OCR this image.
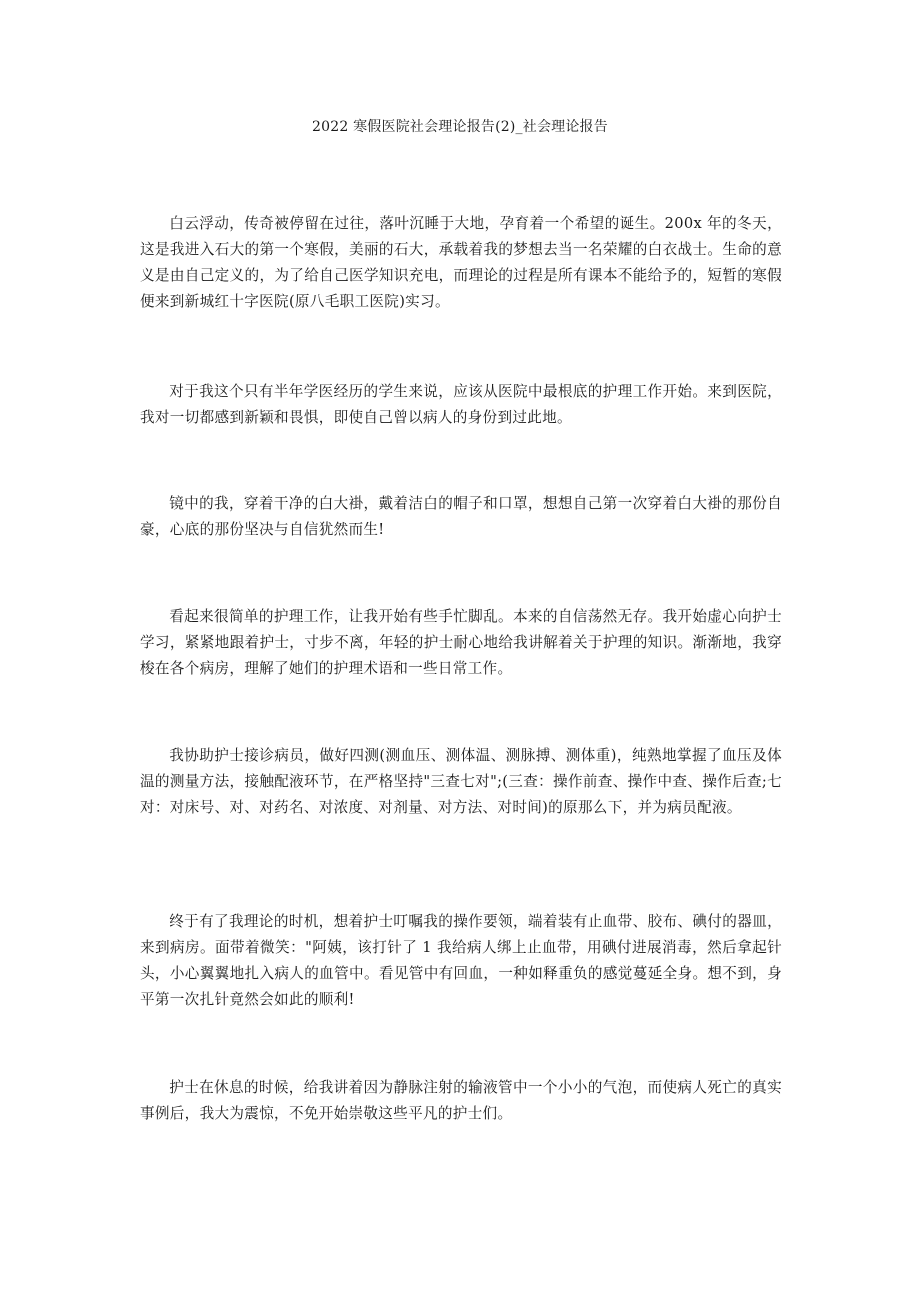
2022 寒假医院社会理论报告(2)_社会理论报告

白云浮动，传奇被停留在过往，落叶沉睡于大地，孕育着一个希望的诞生。200x 年的冬天，这是我进入石大的第一个寒假，美丽的石大，承载着我的梦想去当一名荣耀的白衣战士。生命的意义是由自己定义的，为了给自己医学知识充电，而理论的过程是所有课本不能给予的，短暂的寒假便来到新城红十字医院(原八毛职工医院)实习。

对于我这个只有半年学医经历的学生来说，应该从医院中最根底的护理工作开始。来到医院，我对一切都感到新颖和畏惧，即使自己曾以病人的身份到过此地。

镜中的我，穿着干净的白大褂，戴着洁白的帽子和口罩，想想自己第一次穿着白大褂的那份自豪，心底的那份坚决与自信犹然而生!

看起来很简单的护理工作，让我开始有些手忙脚乱。本来的自信荡然无存。我开始虚心向护士学习，紧紧地跟着护士，寸步不离，年轻的护士耐心地给我讲解着关于护理的知识。渐渐地，我穿梭在各个病房，理解了她们的护理术语和一些日常工作。

我协助护士接诊病员，做好四测(测血压、测体温、测脉搏、测体重)，纯熟地掌握了血压及体温的测量方法，接触配液环节，在严格坚持"三查七对";(三查：操作前查、操作中查、操作后查;七对：对床号、对、对药名、对浓度、对剂量、对方法、对时间)的原那么下，并为病员配液。

终于有了我理论的时机，想着护士叮嘱我的操作要领，端着装有止血带、胶布、碘付的器皿，来到病房。面带着微笑："阿姨，该打针了 1 我给病人绑上止血带，用碘付进展消毒，然后拿起针头，小心翼翼地扎入病人的血管中。看见管中有回血，一种如释重负的感觉蔓延全身。想不到，身平第一次扎针竟然会如此的顺利!

护士在休息的时候，给我讲着因为静脉注射的输液管中一个小小的气泡，而使病人死亡的真实事例后，我大为震惊，不免开始崇敬这些平凡的护士们。
